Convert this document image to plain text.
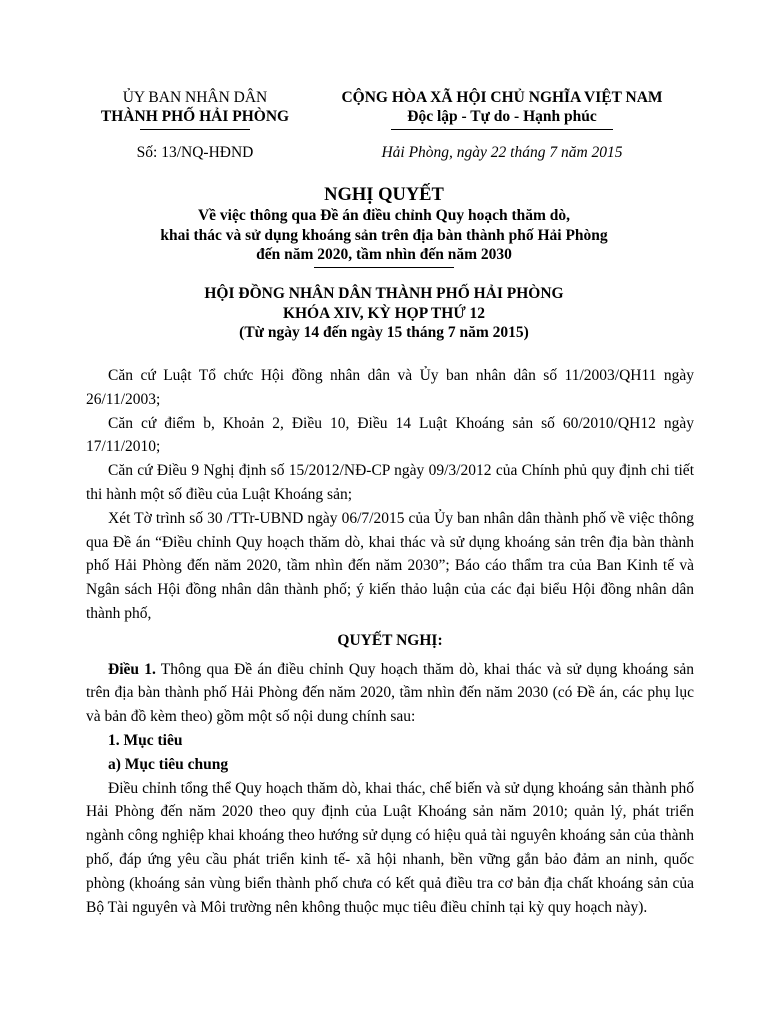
ỦY BAN NHÂN DÂN
THÀNH PHỐ HẢI PHÒNG
CỘNG HÒA XÃ HỘI CHỦ NGHĨA VIỆT NAM
Độc lập - Tự do - Hạnh phúc
Số: 13/NQ-HĐND	Hải Phòng, ngày 22 tháng 7 năm 2015
NGHỊ QUYẾT
Về việc thông qua Đề án điều chỉnh Quy hoạch thăm dò,
khai thác và sử dụng khoáng sản trên địa bàn thành phố Hải Phòng
đến năm 2020, tầm nhìn đến năm 2030
HỘI ĐỒNG NHÂN DÂN THÀNH PHỐ HẢI PHÒNG
KHÓA XIV, KỲ HỌP THỨ 12
(Từ ngày 14 đến ngày 15 tháng 7 năm 2015)

Căn cứ Luật Tổ chức Hội đồng nhân dân và Ủy ban nhân dân số 11/2003/QH11 ngày 26/11/2003;

Căn cứ điểm b, Khoản 2, Điều 10, Điều 14 Luật Khoáng sản số 60/2010/QH12 ngày 17/11/2010;

Căn cứ Điều 9 Nghị định số 15/2012/NĐ-CP ngày 09/3/2012 của Chính phủ quy định chi tiết thi hành một số điều của Luật Khoáng sản;

Xét Tờ trình số 30 /TTr-UBND ngày 06/7/2015 của Ủy ban nhân dân thành phố về việc thông qua Đề án “Điều chỉnh Quy hoạch thăm dò, khai thác và sử dụng khoáng sản trên địa bàn thành phố Hải Phòng đến năm 2020, tầm nhìn đến năm 2030”; Báo cáo thẩm tra của Ban Kinh tế và Ngân sách Hội đồng nhân dân thành phố; ý kiến thảo luận của các đại biểu Hội đồng nhân dân thành phố,

QUYẾT NGHỊ:

Điều 1. Thông qua Đề án điều chỉnh Quy hoạch thăm dò, khai thác và sử dụng khoáng sản trên địa bàn thành phố Hải Phòng đến năm 2020, tầm nhìn đến năm 2030 (có Đề án, các phụ lục và bản đồ kèm theo) gồm một số nội dung chính sau:

1. Mục tiêu

a) Mục tiêu chung

Điều chỉnh tổng thể Quy hoạch thăm dò, khai thác, chế biến và sử dụng khoáng sản thành phố Hải Phòng đến năm 2020 theo quy định của Luật Khoáng sản năm 2010; quản lý, phát triển ngành công nghiệp khai khoáng theo hướng sử dụng có hiệu quả tài nguyên khoáng sản của thành phố, đáp ứng yêu cầu phát triển kinh tế- xã hội nhanh, bền vững gắn bảo đảm an ninh, quốc phòng (khoáng sản vùng biển thành phố chưa có kết quả điều tra cơ bản địa chất khoáng sản của Bộ Tài nguyên và Môi trường nên không thuộc mục tiêu điều chỉnh tại kỳ quy hoạch này).
